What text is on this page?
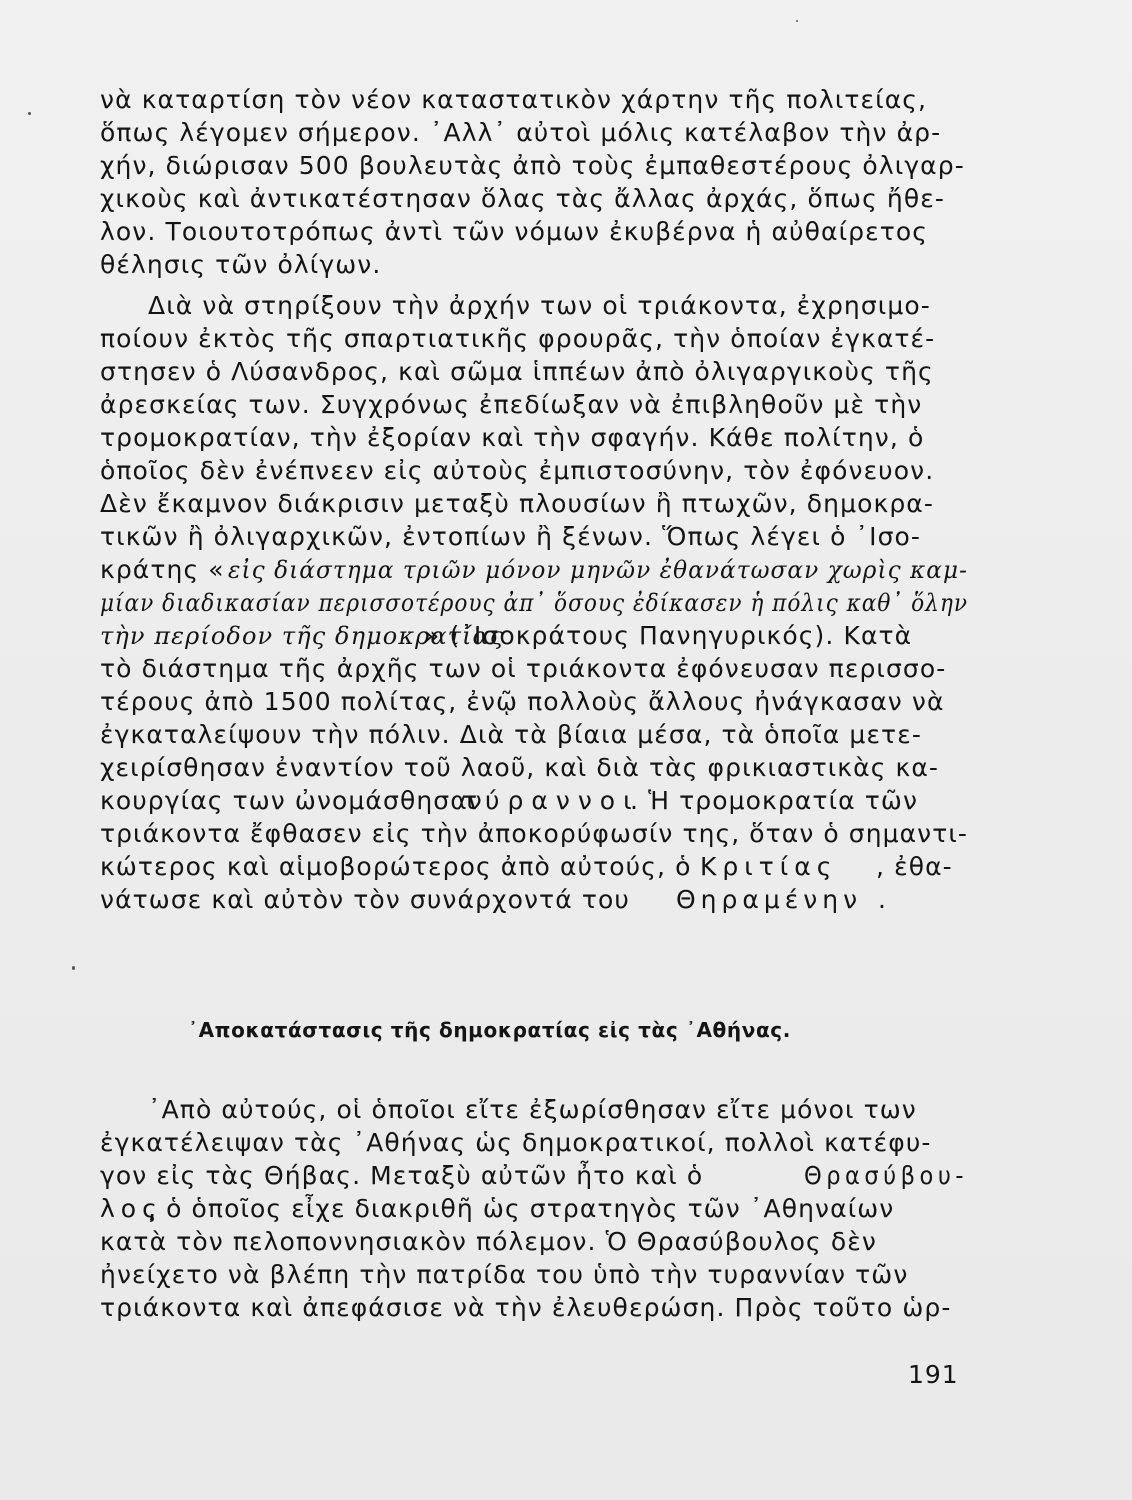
νὰ καταρτίση τὸν νέον καταστατικὸν χάρτην τῆς πολιτείας,
ὅπως λέγομεν σήμερον. ᾿Αλλ᾿ αὐτοὶ μόλις κατέλαβον τὴν ἀρ-
χήν, διώρισαν 500 βουλευτὰς ἀπὸ τοὺς ἐμπαθεστέρους ὀλιγαρ-
χικοὺς καὶ ἀντικατέστησαν ὅλας τὰς ἄλλας ἀρχάς, ὅπως ἤθε-
λον. Τοιουτοτρόπως ἀντὶ τῶν νόμων ἐκυβέρνα ἡ αὐθαίρετος
θέλησις τῶν ὀλίγων.
Διὰ νὰ στηρίξουν τὴν ἀρχήν των οἱ τριάκοντα, ἐχρησιμο-
ποίουν ἐκτὸς τῆς σπαρτιατικῆς φρουρᾶς, τὴν ὁποίαν ἐγκατέ-
στησεν ὁ Λύσανδρος, καὶ σῶμα ἱππέων ἀπὸ ὀλιγαργικοὺς τῆς
ἀρεσκείας των. Συγχρόνως ἐπεδίωξαν νὰ ἐπιβληθοῦν μὲ τὴν
τρομοκρατίαν, τὴν ἐξορίαν καὶ τὴν σφαγήν. Κάθε πολίτην, ὁ
ὁποῖος δὲν ἐνέπνεεν εἰς αὐτοὺς ἐμπιστοσύνην, τὸν ἐφόνευον.
Δὲν ἔκαμνον διάκρισιν μεταξὺ πλουσίων ἢ πτωχῶν, δημοκρα-
τικῶν ἢ ὀλιγαρχικῶν, ἐντοπίων ἢ ξένων. Ὅπως λέγει ὁ ᾿Ισο-
κράτης « εἰς διάστημα τριῶν μόνον μηνῶν ἐθανάτωσαν χωρὶς καμ-
μίαν διαδικασίαν περισσοτέρους ἀπ᾿ ὅσους ἐδίκασεν ἡ πόλις καθ᾿ ὅλην
τὴν περίοδον τῆς δημοκρατίας
» (᾿Ισοκράτους Πανηγυρικός). Κατὰ
τὸ διάστημα τῆς ἀρχῆς των οἱ τριάκοντα ἐφόνευσαν περισσο-
τέρους ἀπὸ 1500 πολίτας, ἐνῷ πολλοὺς ἄλλους ἠνάγκασαν νὰ
ἐγκαταλείψουν τὴν πόλιν. Διὰ τὰ βίαια μέσα, τὰ ὁποῖα μετε-
χειρίσθησαν ἐναντίον τοῦ λαοῦ, καὶ διὰ τὰς φρικιαστικὰς κα-
κουργίας των ὠνομάσθησαν
τύραννοι
. Ἡ τρομοκρατία τῶν
τριάκοντα ἔφθασεν εἰς τὴν ἀποκορύφωσίν της, ὅταν ὁ σημαντι-
κώτερος καὶ αἱμοβορώτερος ἀπὸ αὐτούς, ὁ Κριτίας , ἐθα-
νάτωσε καὶ αὐτὸν τὸν συνάρχοντά του Θηραμένην .
᾿Αποκατάστασις τῆς δημοκρατίας εἰς τὰς ᾿Αθήνας.
᾿Απὸ αὐτούς, οἱ ὁποῖοι εἴτε ἐξωρίσθησαν εἴτε μόνοι των
ἐγκατέλειψαν τὰς ᾿Αθήνας ὡς δημοκρατικοί, πολλοὶ κατέφυ-
γον εἰς τὰς Θήβας. Μεταξὺ αὐτῶν ἦτο καὶ ὁ	Θρασύβου-
λος
, ὁ ὁποῖος εἶχε διακριθῆ ὡς στρατηγὸς τῶν ᾿Αθηναίων
κατὰ τὸν πελοποννησιακὸν πόλεμον. Ὁ Θρασύβουλος δὲν
ἠνείχετο νὰ βλέπη τὴν πατρίδα του ὑπὸ τὴν τυραννίαν τῶν
τριάκοντα καὶ ἀπεφάσισε νὰ τὴν ἐλευθερώση. Πρὸς τοῦτο ὡρ-
191
